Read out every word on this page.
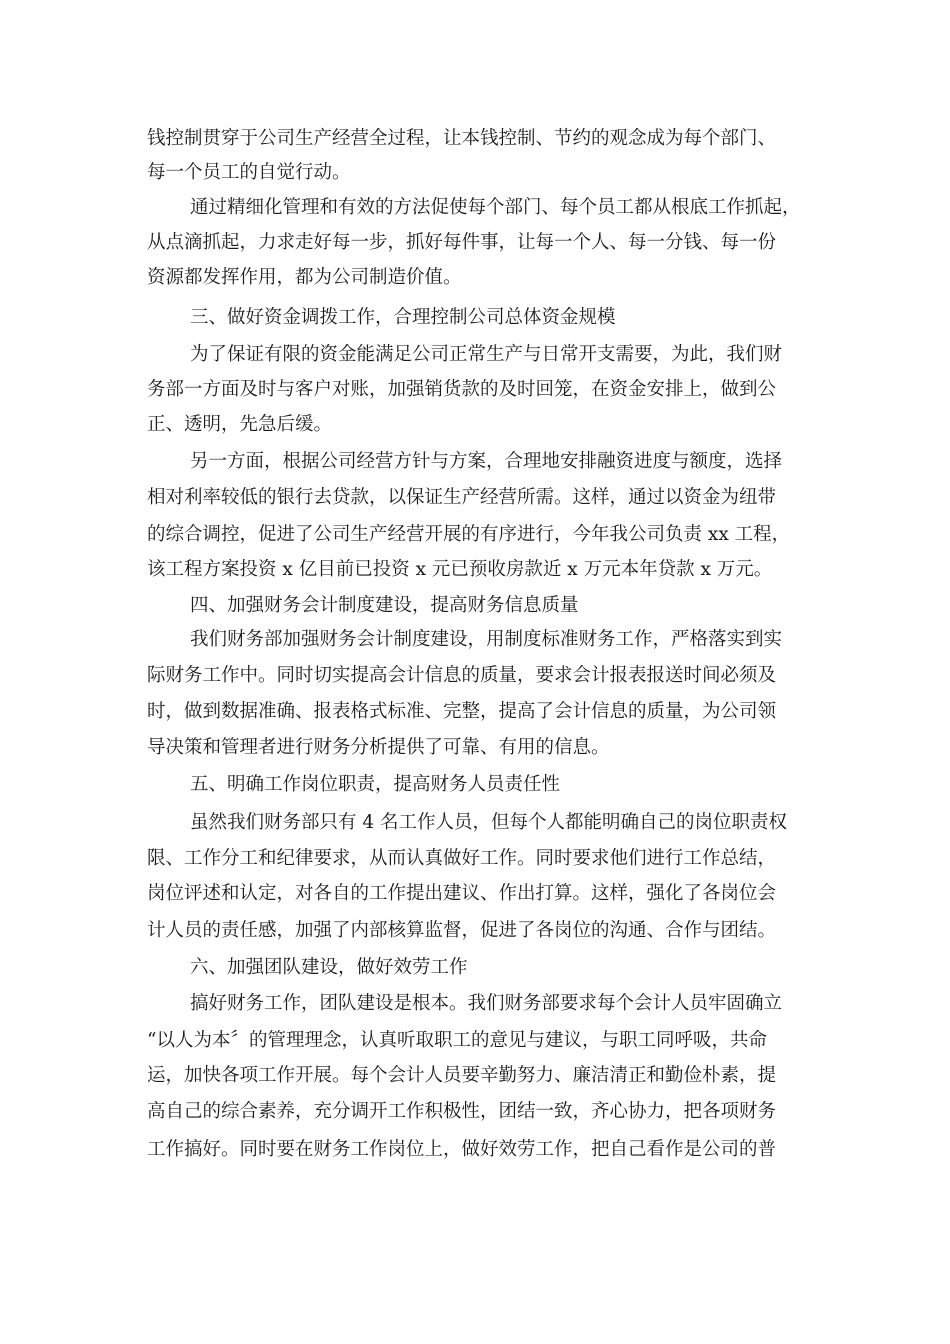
钱控制贯穿于公司生产经营全过程，让本钱控制、节约的观念成为每个部门、
每一个员工的自觉行动。
通过精细化管理和有效的方法促使每个部门、每个员工都从根底工作抓起，
从点滴抓起，力求走好每一步，抓好每件事，让每一个人、每一分钱、每一份
资源都发挥作用，都为公司制造价值。
三、做好资金调拨工作，合理控制公司总体资金规模
为了保证有限的资金能满足公司正常生产与日常开支需要，为此，我们财
务部一方面及时与客户对账，加强销货款的及时回笼，在资金安排上，做到公
正、透明，先急后缓。
另一方面，根据公司经营方针与方案，合理地安排融资进度与额度，选择
相对利率较低的银行去贷款，以保证生产经营所需。这样，通过以资金为纽带
的综合调控，促进了公司生产经营开展的有序进行，今年我公司负责 xx 工程，
该工程方案投资 x 亿目前已投资 x 元已预收房款近 x 万元本年贷款 x 万元。
四、加强财务会计制度建设，提高财务信息质量
我们财务部加强财务会计制度建设，用制度标准财务工作，严格落实到实
际财务工作中。同时切实提高会计信息的质量，要求会计报表报送时间必须及
时，做到数据准确、报表格式标准、完整，提高了会计信息的质量，为公司领
导决策和管理者进行财务分析提供了可靠、有用的信息。
五、明确工作岗位职责，提高财务人员责任性
虽然我们财务部只有 4 名工作人员，但每个人都能明确自己的岗位职责权
限、工作分工和纪律要求，从而认真做好工作。同时要求他们进行工作总结，
岗位评述和认定，对各自的工作提出建议、作出打算。这样，强化了各岗位会
计人员的责任感，加强了内部核算监督，促进了各岗位的沟通、合作与团结。
六、加强团队建设，做好效劳工作
搞好财务工作，团队建设是根本。我们财务部要求每个会计人员牢固确立
“以人为本〞的管理理念，认真听取职工的意见与建议，与职工同呼吸，共命
运，加快各项工作开展。每个会计人员要辛勤努力、廉洁清正和勤俭朴素，提
高自己的综合素养，充分调开工作积极性，团结一致，齐心协力，把各项财务
工作搞好。同时要在财务工作岗位上，做好效劳工作，把自己看作是公司的普
